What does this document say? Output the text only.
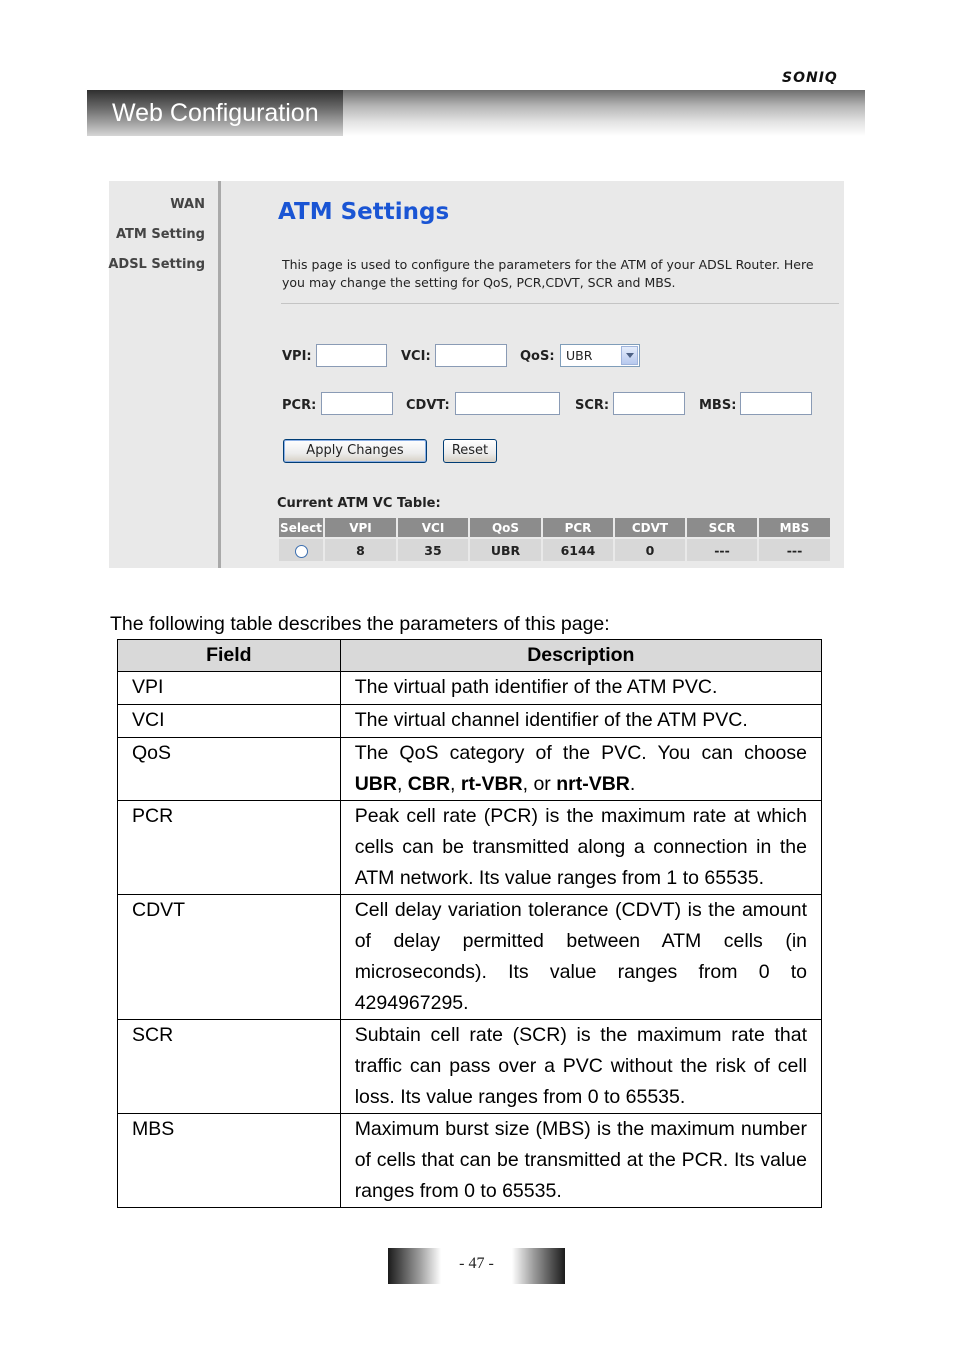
SONIQ
Web Configuration
WAN
ATM Setting
ADSL Setting
ATM Settings
This page is used to configure the parameters for the ATM of your ADSL Router. Here you may change the setting for QoS, PCR,CDVT, SCR and MBS.
VPI:	VCI:	QoS: UBR
PCR:	CDVT:	SCR:	MBS:
Apply Changes	Reset
Current ATM VC Table:
Select	VPI	VCI	QoS	PCR	CDVT	SCR	MBS
	8	35	UBR	6144	0	---	---
The following table describes the parameters of this page:
Field	Description
VPI	The virtual path identifier of the ATM PVC.
VCI	The virtual channel identifier of the ATM PVC.
QoS	The QoS category of the PVC. You can choose UBR, CBR, rt-VBR, or nrt-VBR.
PCR	Peak cell rate (PCR) is the maximum rate at which cells can be transmitted along a connection in the ATM network. Its value ranges from 1 to 65535.
CDVT	Cell delay variation tolerance (CDVT) is the amount of delay permitted between ATM cells (in microseconds). Its value ranges from 0 to 4294967295.
SCR	Subtain cell rate (SCR) is the maximum rate that traffic can pass over a PVC without the risk of cell loss. Its value ranges from 0 to 65535.
MBS	Maximum burst size (MBS) is the maximum number of cells that can be transmitted at the PCR. Its value ranges from 0 to 65535.
- 47 -
